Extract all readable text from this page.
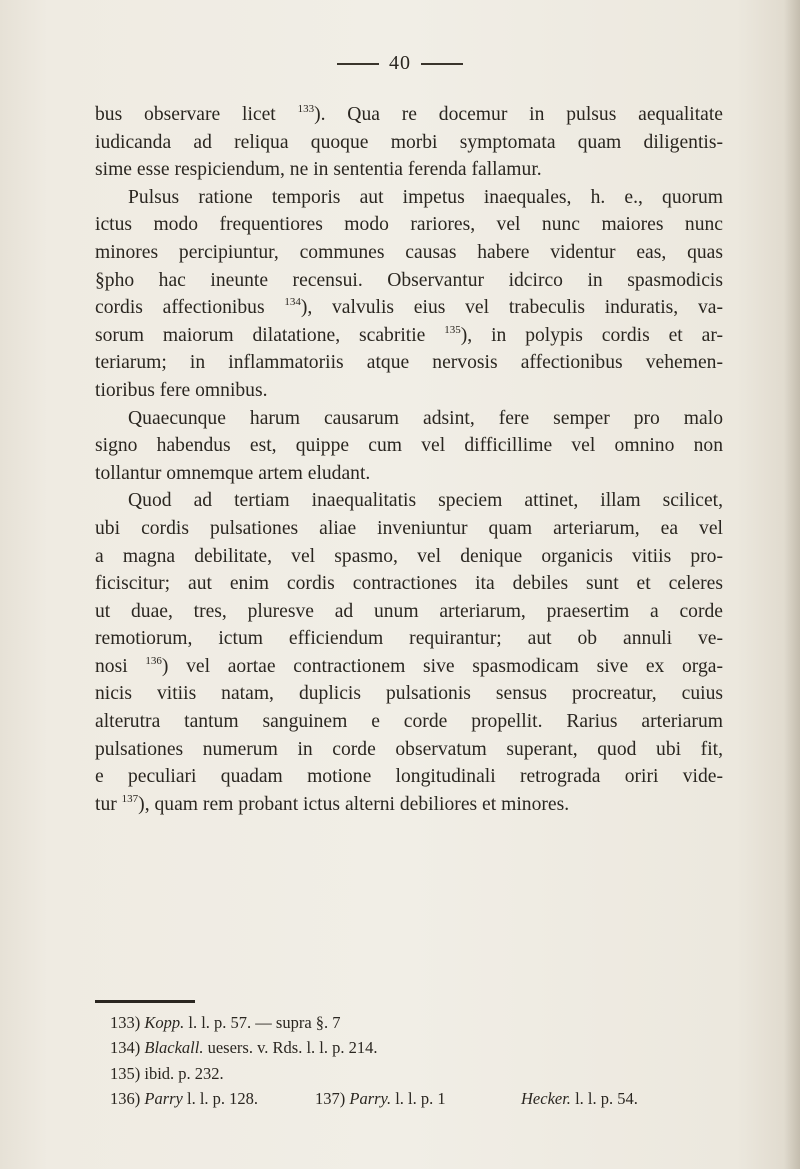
40
bus observare licet $^{133}$). Qua re docemur in pulsus aequalitate
iudicanda ad reliqua quoque morbi symptomata quam diligentis-
sime esse respiciendum, ne in sententia ferenda fallamur.
Pulsus ratione temporis aut impetus inaequales, h. e., quorum
ictus modo frequentiores modo rariores, vel nunc maiores nunc
minores percipiuntur, communes causas habere videntur eas, quas
§pho hac ineunte recensui. Observantur idcirco in spasmodicis
cordis affectionibus $^{134}$), valvulis eius vel trabeculis induratis, va-
sorum maiorum dilatatione, scabritie $^{135}$), in polypis cordis et ar-
teriarum; in inflammatoriis atque nervosis affectionibus vehemen-
tioribus fere omnibus.
Quaecunque harum causarum adsint, fere semper pro malo
signo habendus est, quippe cum vel difficillime vel omnino non
tollantur omnemque artem eludant.
Quod ad tertiam inaequalitatis speciem attinet, illam scilicet,
ubi cordis pulsationes aliae inveniuntur quam arteriarum, ea vel
a magna debilitate, vel spasmo, vel denique organicis vitiis pro-
ficiscitur; aut enim cordis contractiones ita debiles sunt et celeres
ut duae, tres, pluresve ad unum arteriarum, praesertim a corde
remotiorum, ictum efficiendum requirantur; aut ob annuli ve-
nosi $^{136}$) vel aortae contractionem sive spasmodicam sive ex orga-
nicis vitiis natam, duplicis pulsationis sensus procreatur, cuius
alterutra tantum sanguinem e corde propellit. Rarius arteriarum
pulsationes numerum in corde observatum superant, quod ubi fit,
e peculiari quadam motione longitudinali retrograda oriri vide-
tur $^{137}$), quam rem probant ictus alterni debiliores et minores.
133) Kopp. l. l. p. 57. — supra §. 7
134) Blackall. uesers. v. Rds. l. l. p. 214.
135) ibid. p. 232.
136) Parry l. l. p. 128.	137) Parry. l. l. p. 1	Hecker. l. l. p. 54.
